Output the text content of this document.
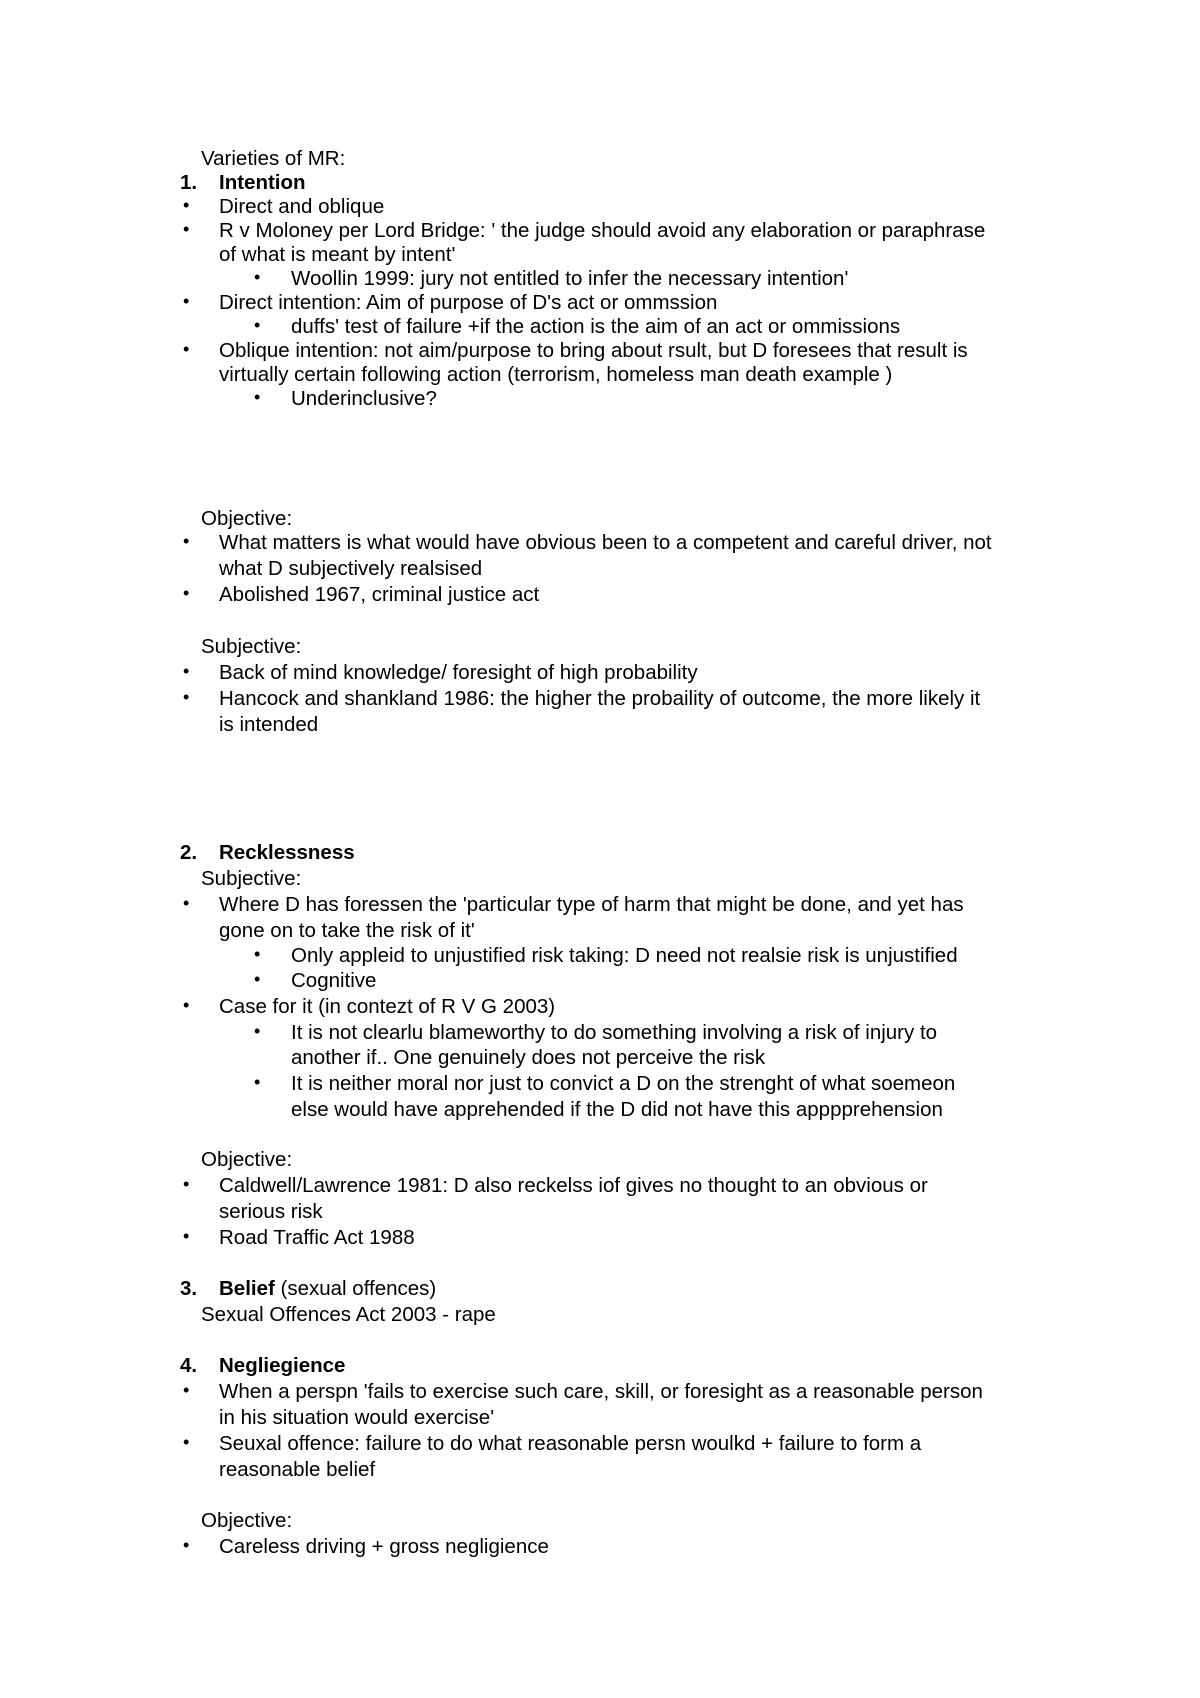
Varieties of MR:
1. Intention
• Direct and oblique
• R v Moloney per Lord Bridge: ' the judge should avoid any elaboration or paraphrase
of what is meant by intent'
• Woollin 1999: jury not entitled to infer the necessary intention'
• Direct intention: Aim of purpose of D's act or ommssion
• duffs' test of failure +if the action is the aim of an act or ommissions
• Oblique intention: not aim/purpose to bring about rsult, but D foresees that result is
virtually certain following action (terrorism, homeless man death example )
• Underinclusive?
Objective:
• What matters is what would have obvious been to a competent and careful driver, not
what D subjectively realsised
• Abolished 1967, criminal justice act
Subjective:
• Back of mind knowledge/ foresight of high probability
• Hancock and shankland 1986: the higher the probaility of outcome, the more likely it
is intended
2. Recklessness
Subjective:
• Where D has foressen the 'particular type of harm that might be done, and yet has
gone on to take the risk of it'
• Only appleid to unjustified risk taking: D need not realsie risk is unjustified
• Cognitive
• Case for it (in contezt of R V G 2003)
• It is not clearlu blameworthy to do something involving a risk of injury to
another if.. One genuinely does not perceive the risk
• It is neither moral nor just to convict a D on the strenght of what soemeon
else would have apprehended if the D did not have this apppprehension
Objective:
• Caldwell/Lawrence 1981: D also reckelss iof gives no thought to an obvious or
serious risk
• Road Traffic Act 1988
3. Belief (sexual offences)
Sexual Offences Act 2003 - rape
4. Negliegience
• When a perspn 'fails to exercise such care, skill, or foresight as a reasonable person
in his situation would exercise'
• Seuxal offence: failure to do what reasonable persn woulkd + failure to form a
reasonable belief
Objective:
• Careless driving + gross negligience
